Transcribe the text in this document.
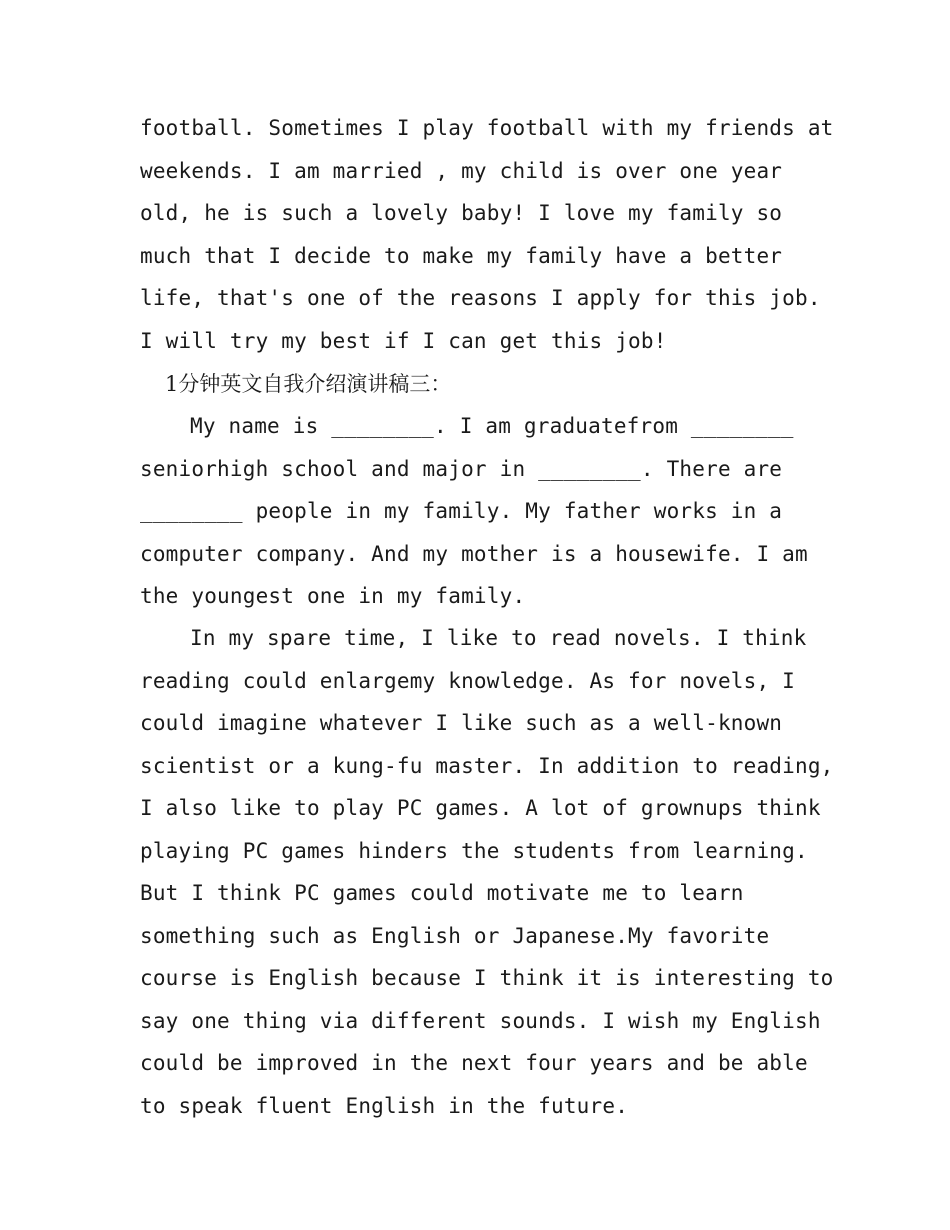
football. Sometimes I play football with my friends at
weekends. I am married , my child is over one year
old, he is such a lovely baby! I love my family so
much that I decide to make my family have a better
life, that's one of the reasons I apply for this job.
I will try my best if I can get this job!
1分钟英文自我介绍演讲稿三：
My name is ________. I am graduatefrom ________
seniorhigh school and major in ________. There are
________ people in my family. My father works in a
computer company. And my mother is a housewife. I am
the youngest one in my family.
In my spare time, I like to read novels. I think
reading could enlargemy knowledge. As for novels, I
could imagine whatever I like such as a well-known
scientist or a kung-fu master. In addition to reading,
I also like to play PC games. A lot of grownups think
playing PC games hinders the students from learning.
But I think PC games could motivate me to learn
something such as English or Japanese.My favorite
course is English because I think it is interesting to
say one thing via different sounds. I wish my English
could be improved in the next four years and be able
to speak fluent English in the future.
